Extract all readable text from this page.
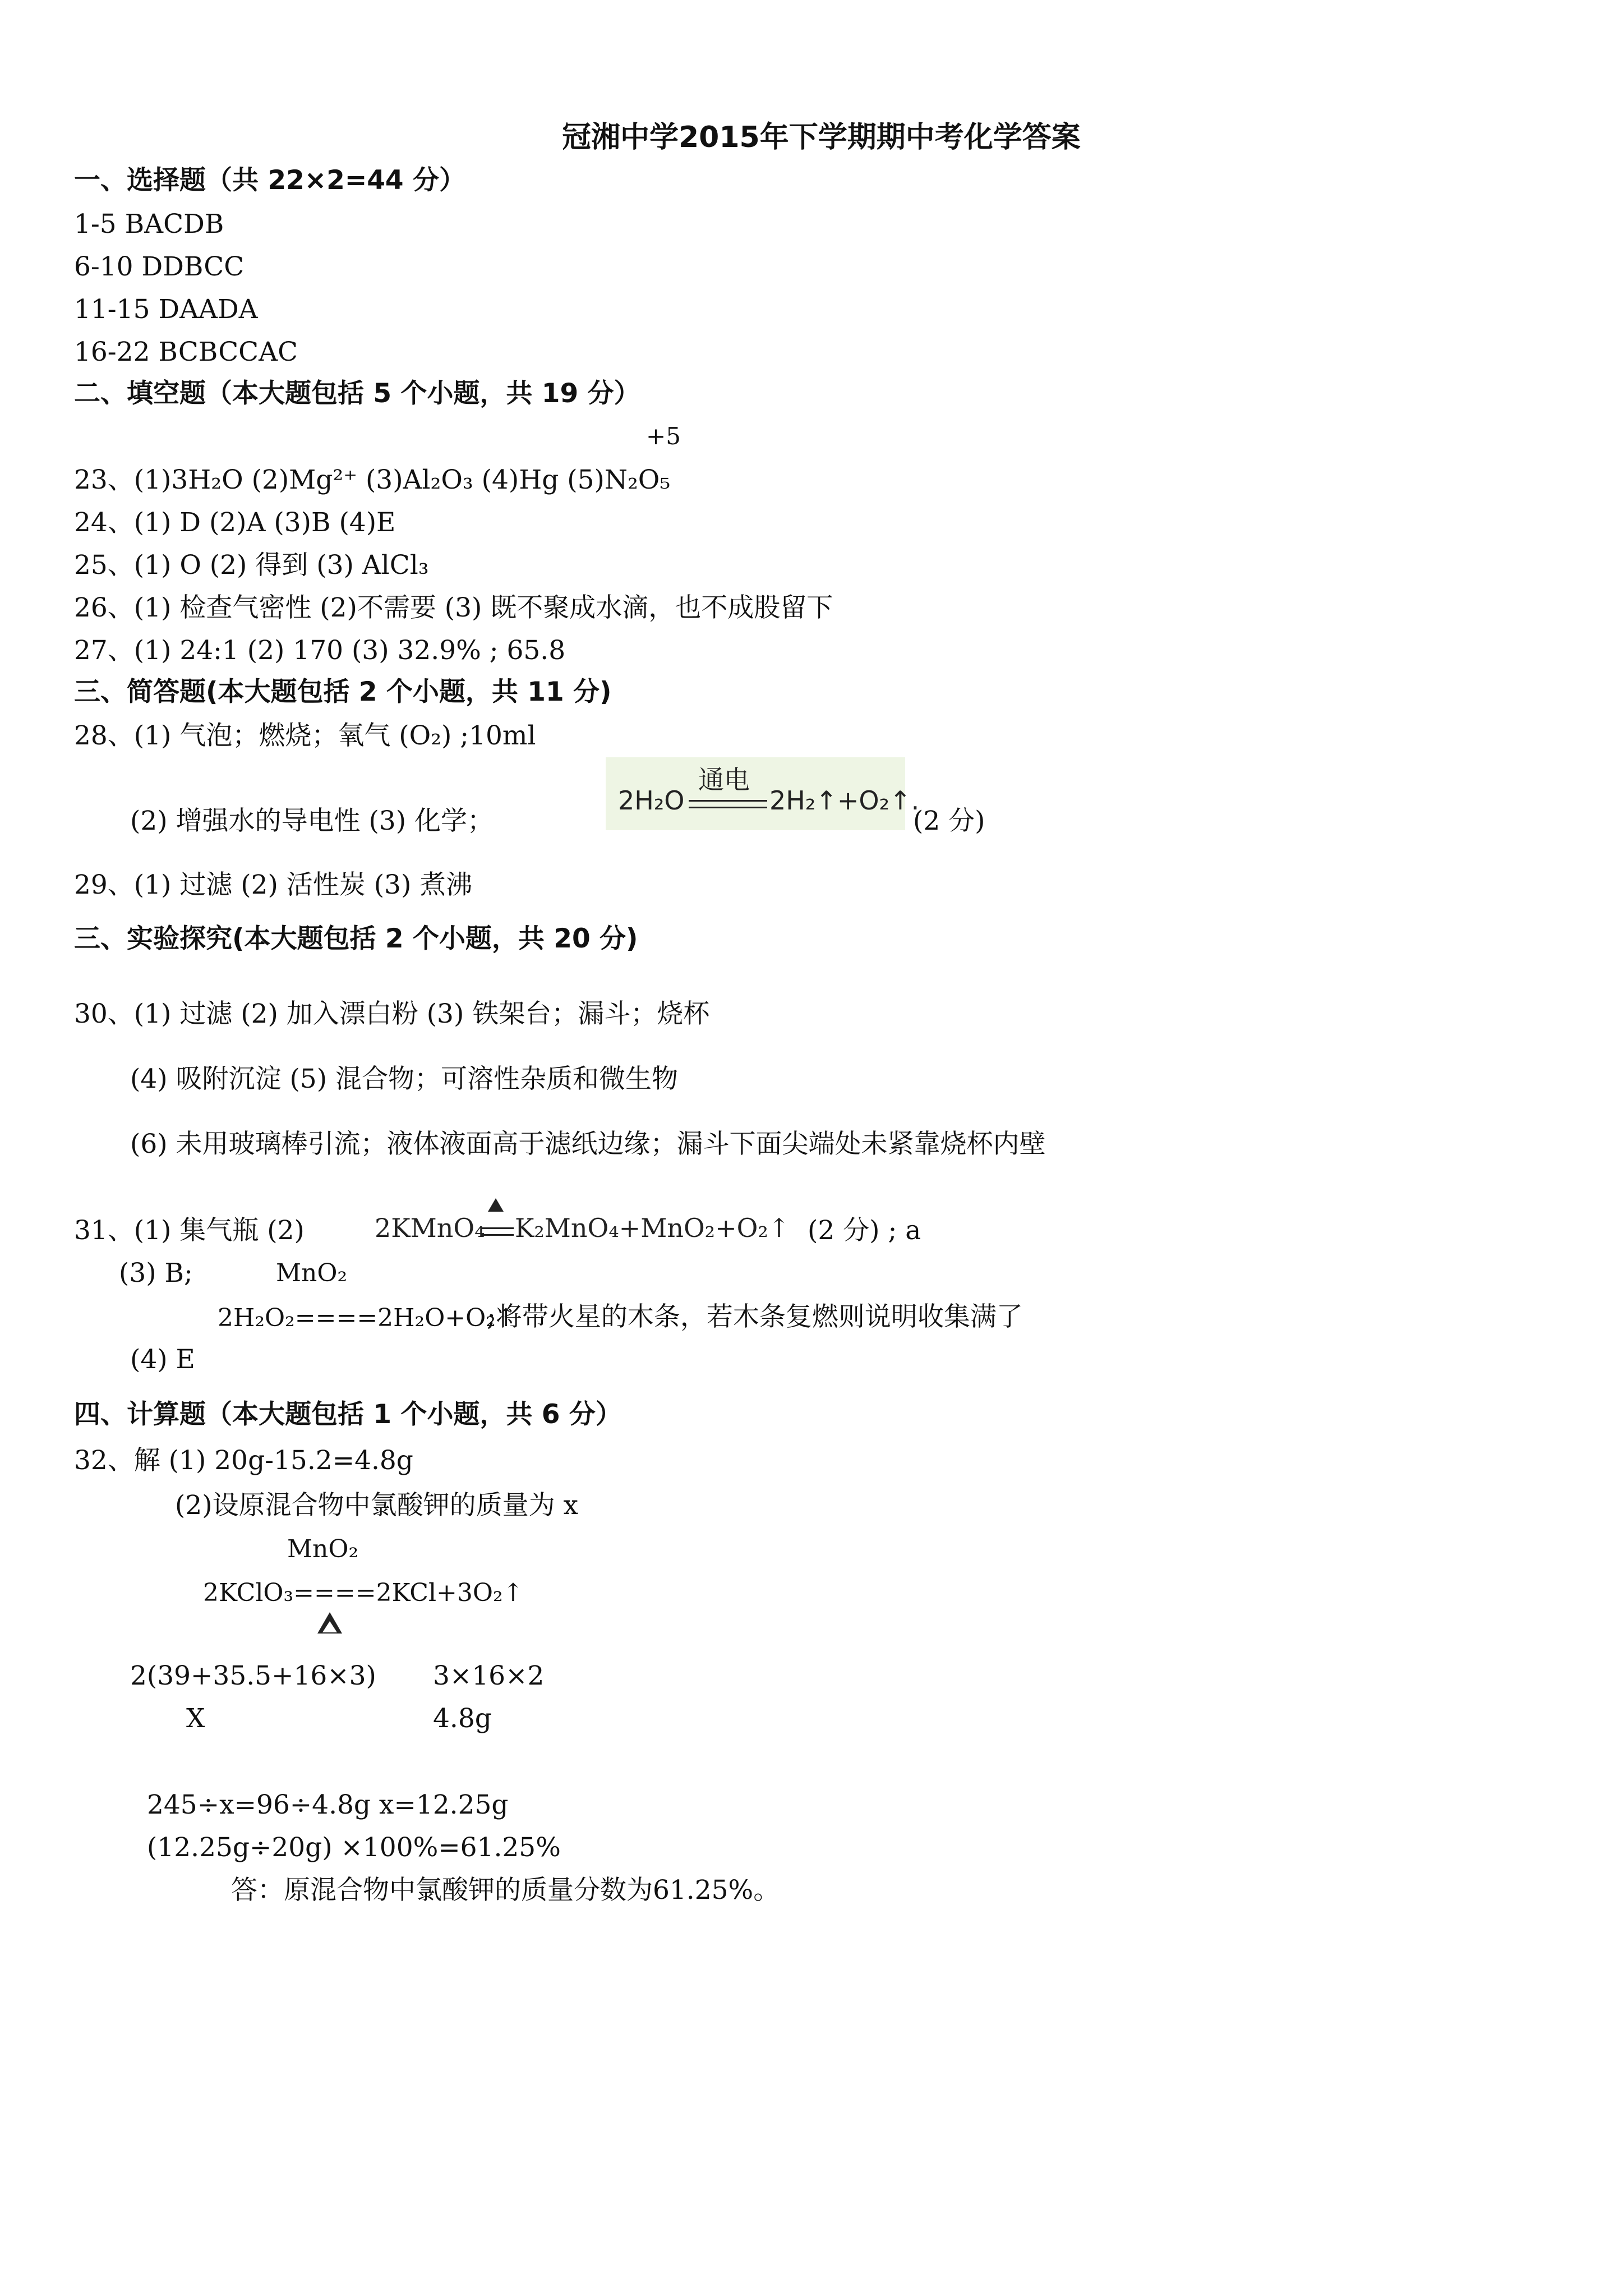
冠湘中学2015年下学期期中考化学答案
一、选择题（共 22×2=44 分）
1-5 BACDB
6-10 DDBCC
11-15 DAADA
16-22 BCBCCAC
二、填空题（本大题包括 5 个小题，共 19 分）
+5
23、(1)3H₂O (2)Mg²⁺ (3)Al₂O₃ (4)Hg (5)N₂O₅
24、(1) D (2)A (3)B (4)E
25、(1) O (2) 得到 (3) AlCl₃
26、(1) 检查气密性 (2)不需要 (3) 既不聚成水滴，也不成股留下
27、(1) 24:1 (2) 170 (3) 32.9% ; 65.8
三、简答题(本大题包括 2 个小题，共 11 分)
28、(1) 气泡；燃烧；氧气 (O₂) ;10ml
(2) 增强水的导电性 (3) 化学；
2H₂O
通电
2H₂↑+O₂↑.
(2 分)
29、(1) 过滤 (2) 活性炭 (3) 煮沸
三、实验探究(本大题包括 2 个小题，共 20 分)
30、(1) 过滤 (2) 加入漂白粉 (3) 铁架台；漏斗；烧杯
(4) 吸附沉淀 (5) 混合物；可溶性杂质和微生物
(6) 未用玻璃棒引流；液体液面高于滤纸边缘；漏斗下面尖端处未紧靠烧杯内壁
31、(1) 集气瓶 (2)	2KMnO₄ K₂MnO₄+MnO₂+O₂↑ (2 分) ; a
(3) B;	MnO₂
2H₂O₂====2H₂O+O₂↑
;将带火星的木条，若木条复燃则说明收集满了
(4) E
四、计算题（本大题包括 1 个小题，共 6 分）
32、解 (1) 20g-15.2=4.8g
(2)设原混合物中氯酸钾的质量为 x
MnO₂
2KClO₃====2KCl+3O₂↑
2(39+35.5+16×3) 3×16×2
X	4.8g
245÷x=96÷4.8g x=12.25g
(12.25g÷20g) ×100%=61.25%
答：原混合物中氯酸钾的质量分数为61.25%。
